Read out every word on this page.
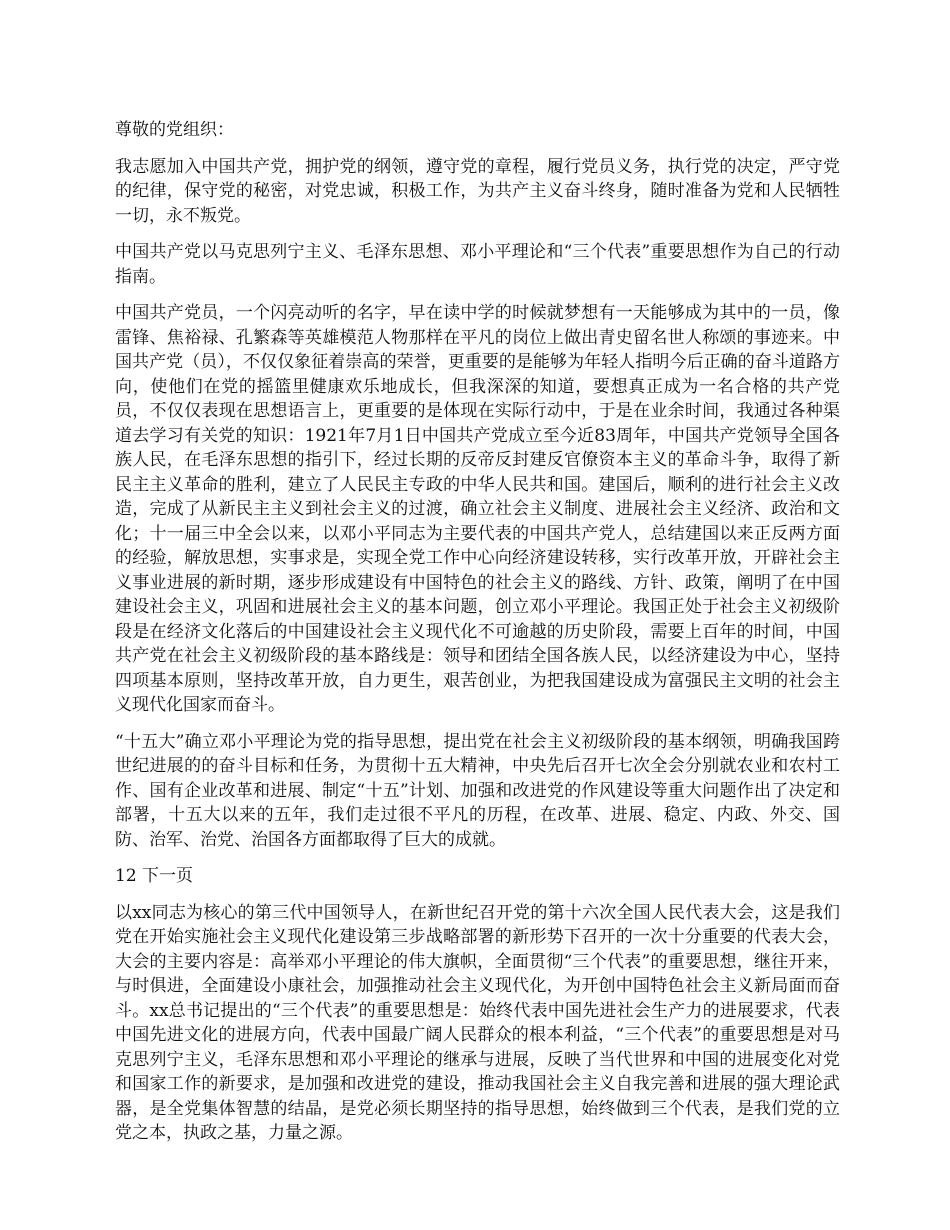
尊敬的党组织：

我志愿加入中国共产党，拥护党的纲领，遵守党的章程，履行党员义务，执行党的决定，严守党的纪律，保守党的秘密，对党忠诚，积极工作，为共产主义奋斗终身，随时准备为党和人民牺牲一切，永不叛党。

中国共产党以马克思列宁主义、毛泽东思想、邓小平理论和“三个代表”重要思想作为自己的行动指南。

中国共产党员，一个闪亮动听的名字，早在读中学的时候就梦想有一天能够成为其中的一员，像雷锋、焦裕禄、孔繁森等英雄模范人物那样在平凡的岗位上做出青史留名世人称颂的事迹来。中国共产党（员），不仅仅象征着崇高的荣誉，更重要的是能够为年轻人指明今后正确的奋斗道路方向，使他们在党的摇篮里健康欢乐地成长，但我深深的知道，要想真正成为一名合格的共产党员，不仅仅表现在思想语言上，更重要的是体现在实际行动中，于是在业余时间，我通过各种渠道去学习有关党的知识：1921年7月1日中国共产党成立至今近83周年，中国共产党领导全国各族人民，在毛泽东思想的指引下，经过长期的反帝反封建反官僚资本主义的革命斗争，取得了新民主主义革命的胜利，建立了人民民主专政的中华人民共和国。建国后，顺利的进行社会主义改造，完成了从新民主主义到社会主义的过渡，确立社会主义制度、进展社会主义经济、政治和文化；十一届三中全会以来，以邓小平同志为主要代表的中国共产党人，总结建国以来正反两方面的经验，解放思想，实事求是，实现全党工作中心向经济建设转移，实行改革开放，开辟社会主义事业进展的新时期，逐步形成建设有中国特色的社会主义的路线、方针、政策，阐明了在中国建设社会主义，巩固和进展社会主义的基本问题，创立邓小平理论。我国正处于社会主义初级阶段是在经济文化落后的中国建设社会主义现代化不可逾越的历史阶段，需要上百年的时间，中国共产党在社会主义初级阶段的基本路线是：领导和团结全国各族人民，以经济建设为中心，坚持四项基本原则，坚持改革开放，自力更生，艰苦创业，为把我国建设成为富强民主文明的社会主义现代化国家而奋斗。

“十五大”确立邓小平理论为党的指导思想，提出党在社会主义初级阶段的基本纲领，明确我国跨世纪进展的的奋斗目标和任务，为贯彻十五大精神，中央先后召开七次全会分别就农业和农村工作、国有企业改革和进展、制定“十五”计划、加强和改进党的作风建设等重大问题作出了决定和部署，十五大以来的五年，我们走过很不平凡的历程，在改革、进展、稳定、内政、外交、国防、治军、治党、治国各方面都取得了巨大的成就。

12 下一页

以xx同志为核心的第三代中国领导人，在新世纪召开党的第十六次全国人民代表大会，这是我们党在开始实施社会主义现代化建设第三步战略部署的新形势下召开的一次十分重要的代表大会，大会的主要内容是：高举邓小平理论的伟大旗帜，全面贯彻“三个代表”的重要思想，继往开来，与时俱进，全面建设小康社会，加强推动社会主义现代化，为开创中国特色社会主义新局面而奋斗。xx总书记提出的“三个代表”的重要思想是：始终代表中国先进社会生产力的进展要求，代表中国先进文化的进展方向，代表中国最广阔人民群众的根本利益，“三个代表”的重要思想是对马克思列宁主义，毛泽东思想和邓小平理论的继承与进展，反映了当代世界和中国的进展变化对党和国家工作的新要求，是加强和改进党的建设，推动我国社会主义自我完善和进展的强大理论武器，是全党集体智慧的结晶，是党必须长期坚持的指导思想，始终做到三个代表，是我们党的立党之本，执政之基，力量之源。
